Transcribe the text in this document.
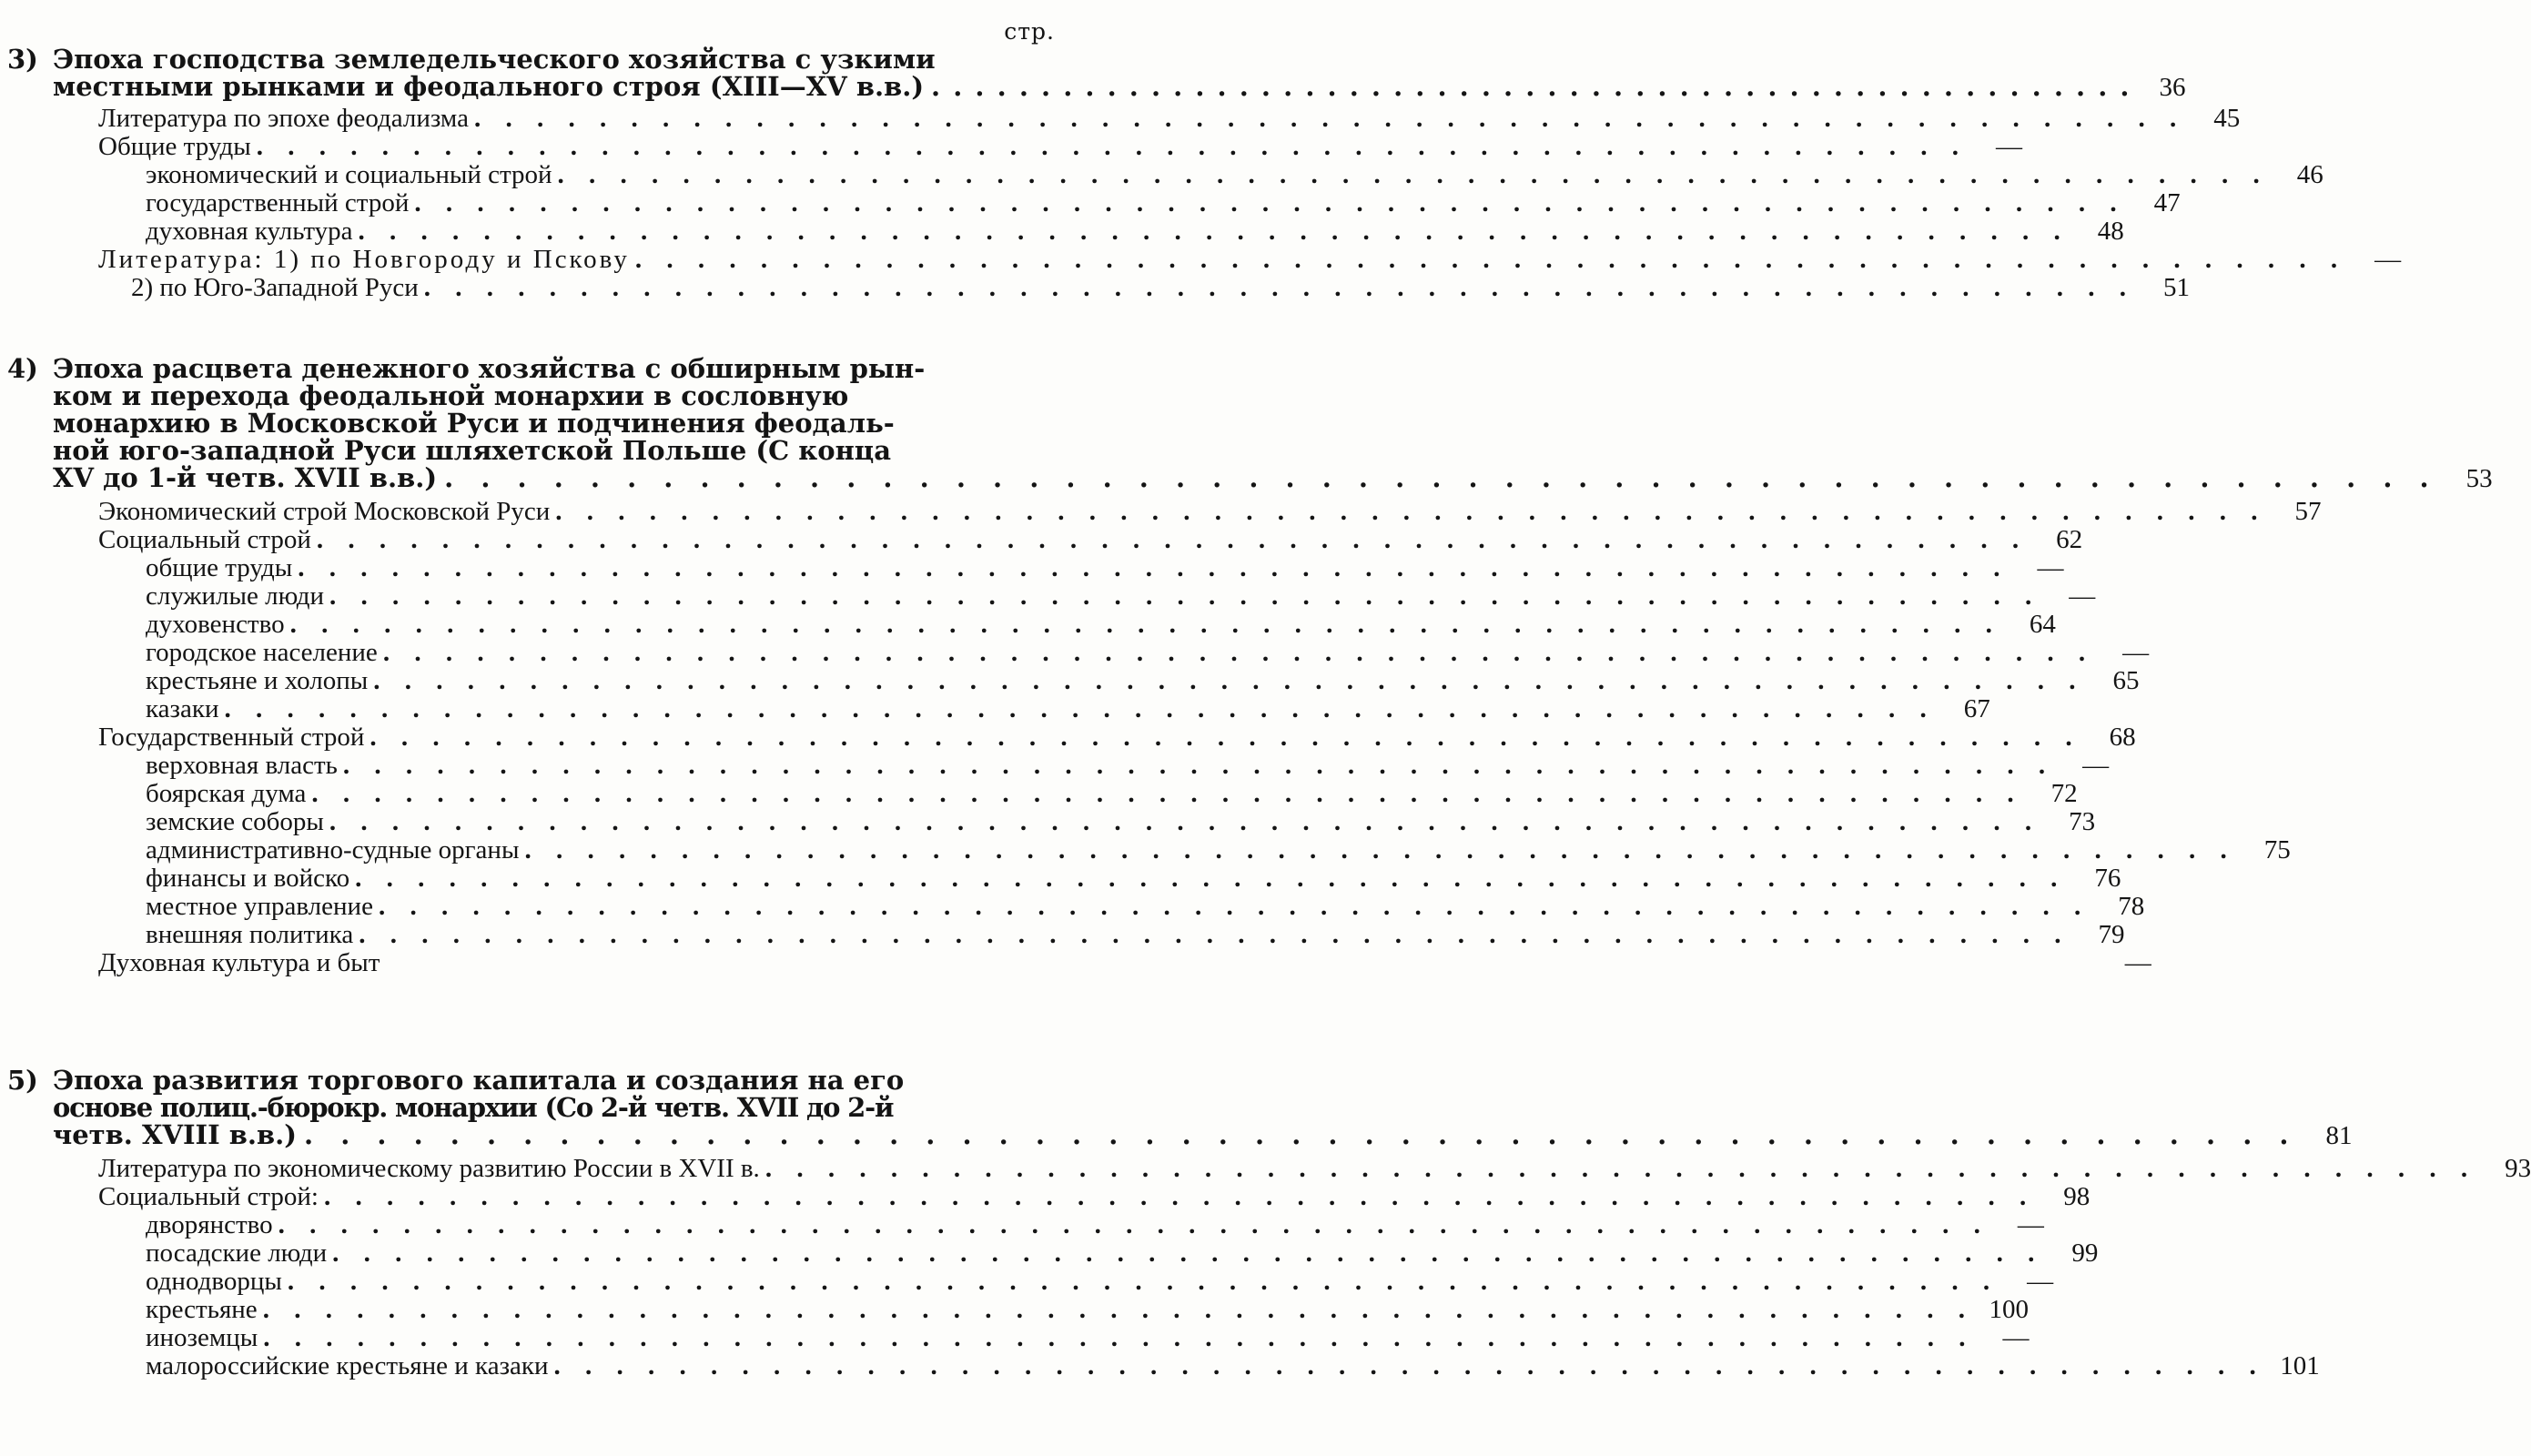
стр.
3) Эпоха господства земледельческого хозяйства с узкими
местными рынками и феодального строя (XIII—XV в.в.) . . . . . . . . . . . . . . . . . . . . . . . . . . . . . . . . . . . . . . . . . . . . . . . . . . . . . . .	36
Литература по эпохе феодализма . . . . . . . . . . . . . . . . . . . . . . . . . . . . . . . . . . . . . . . . . . . . . . . . . . . . . . .	45
Общие труды . . . . . . . . . . . . . . . . . . . . . . . . . . . . . . . . . . . . . . . . . . . . . . . . . . . . . . .	—
экономический и социальный строй . . . . . . . . . . . . . . . . . . . . . . . . . . . . . . . . . . . . . . . . . . . . . . . . . . . . . . .	46
государственный строй . . . . . . . . . . . . . . . . . . . . . . . . . . . . . . . . . . . . . . . . . . . . . . . . . . . . . . .	47
духовная культура . . . . . . . . . . . . . . . . . . . . . . . . . . . . . . . . . . . . . . . . . . . . . . . . . . . . . . .	48
Литература: 1) по Новгороду и Пскову . . . . . . . . . . . . . . . . . . . . . . . . . . . . . . . . . . . . . . . . . . . . . . . . . . . . . . .	—
2) по Юго-Западной Руси . . . . . . . . . . . . . . . . . . . . . . . . . . . . . . . . . . . . . . . . . . . . . . . . . . . . . . .	51
4) Эпоха расцвета денежного хозяйства с обширным рын-
ком и перехода феодальной монархии в сословную
монархию в Московской Руси и подчинения феодаль-
ной юго-западной Руси шляхетской Польше (С конца
XV до 1-й четв. XVII в.в.) . . . . . . . . . . . . . . . . . . . . . . . . . . . . . . . . . . . . . . . . . . . . . . . . . . . . . . .	53
Экономический строй Московской Руси . . . . . . . . . . . . . . . . . . . . . . . . . . . . . . . . . . . . . . . . . . . . . . . . . . . . . . .	57
Социальный строй . . . . . . . . . . . . . . . . . . . . . . . . . . . . . . . . . . . . . . . . . . . . . . . . . . . . . . .	62
общие труды . . . . . . . . . . . . . . . . . . . . . . . . . . . . . . . . . . . . . . . . . . . . . . . . . . . . . . .	—
служилые люди . . . . . . . . . . . . . . . . . . . . . . . . . . . . . . . . . . . . . . . . . . . . . . . . . . . . . . .	—
духовенство . . . . . . . . . . . . . . . . . . . . . . . . . . . . . . . . . . . . . . . . . . . . . . . . . . . . . . .	64
городское население . . . . . . . . . . . . . . . . . . . . . . . . . . . . . . . . . . . . . . . . . . . . . . . . . . . . . . .	—
крестьяне и холопы . . . . . . . . . . . . . . . . . . . . . . . . . . . . . . . . . . . . . . . . . . . . . . . . . . . . . . .	65
казаки . . . . . . . . . . . . . . . . . . . . . . . . . . . . . . . . . . . . . . . . . . . . . . . . . . . . . . .	67
Государственный строй . . . . . . . . . . . . . . . . . . . . . . . . . . . . . . . . . . . . . . . . . . . . . . . . . . . . . . .	68
верховная власть . . . . . . . . . . . . . . . . . . . . . . . . . . . . . . . . . . . . . . . . . . . . . . . . . . . . . . .	—
боярская дума . . . . . . . . . . . . . . . . . . . . . . . . . . . . . . . . . . . . . . . . . . . . . . . . . . . . . . .	72
земские соборы . . . . . . . . . . . . . . . . . . . . . . . . . . . . . . . . . . . . . . . . . . . . . . . . . . . . . . .	73
административно-судные органы . . . . . . . . . . . . . . . . . . . . . . . . . . . . . . . . . . . . . . . . . . . . . . . . . . . . . . .	75
финансы и войско . . . . . . . . . . . . . . . . . . . . . . . . . . . . . . . . . . . . . . . . . . . . . . . . . . . . . . .	76
местное управление . . . . . . . . . . . . . . . . . . . . . . . . . . . . . . . . . . . . . . . . . . . . . . . . . . . . . . .	78
внешняя политика . . . . . . . . . . . . . . . . . . . . . . . . . . . . . . . . . . . . . . . . . . . . . . . . . . . . . . .	79
Духовная культура и быт	—
5) Эпоха развития торгового капитала и создания на его
основе полиц.-бюрокр. монархии (Со 2-й четв. XVII до 2-й
четв. XVIII в.в.) . . . . . . . . . . . . . . . . . . . . . . . . . . . . . . . . . . . . . . . . . . . . . . . . . . . . . . .	81
Литература по экономическому развитию России в XVII в. . . . . . . . . . . . . . . . . . . . . . . . . . . . . . . . . . . . . . . . . . . . . . . . . . . . . . . .	93
Социальный строй: . . . . . . . . . . . . . . . . . . . . . . . . . . . . . . . . . . . . . . . . . . . . . . . . . . . . . . .	98
дворянство . . . . . . . . . . . . . . . . . . . . . . . . . . . . . . . . . . . . . . . . . . . . . . . . . . . . . . .	—
посадские люди . . . . . . . . . . . . . . . . . . . . . . . . . . . . . . . . . . . . . . . . . . . . . . . . . . . . . . .	99
однодворцы . . . . . . . . . . . . . . . . . . . . . . . . . . . . . . . . . . . . . . . . . . . . . . . . . . . . . . .	—
крестьяне . . . . . . . . . . . . . . . . . . . . . . . . . . . . . . . . . . . . . . . . . . . . . . . . . . . . . . . 100
иноземцы . . . . . . . . . . . . . . . . . . . . . . . . . . . . . . . . . . . . . . . . . . . . . . . . . . . . . . .	—
малороссийские крестьяне и казаки . . . . . . . . . . . . . . . . . . . . . . . . . . . . . . . . . . . . . . . . . . . . . . . . . . . . . . . 101
